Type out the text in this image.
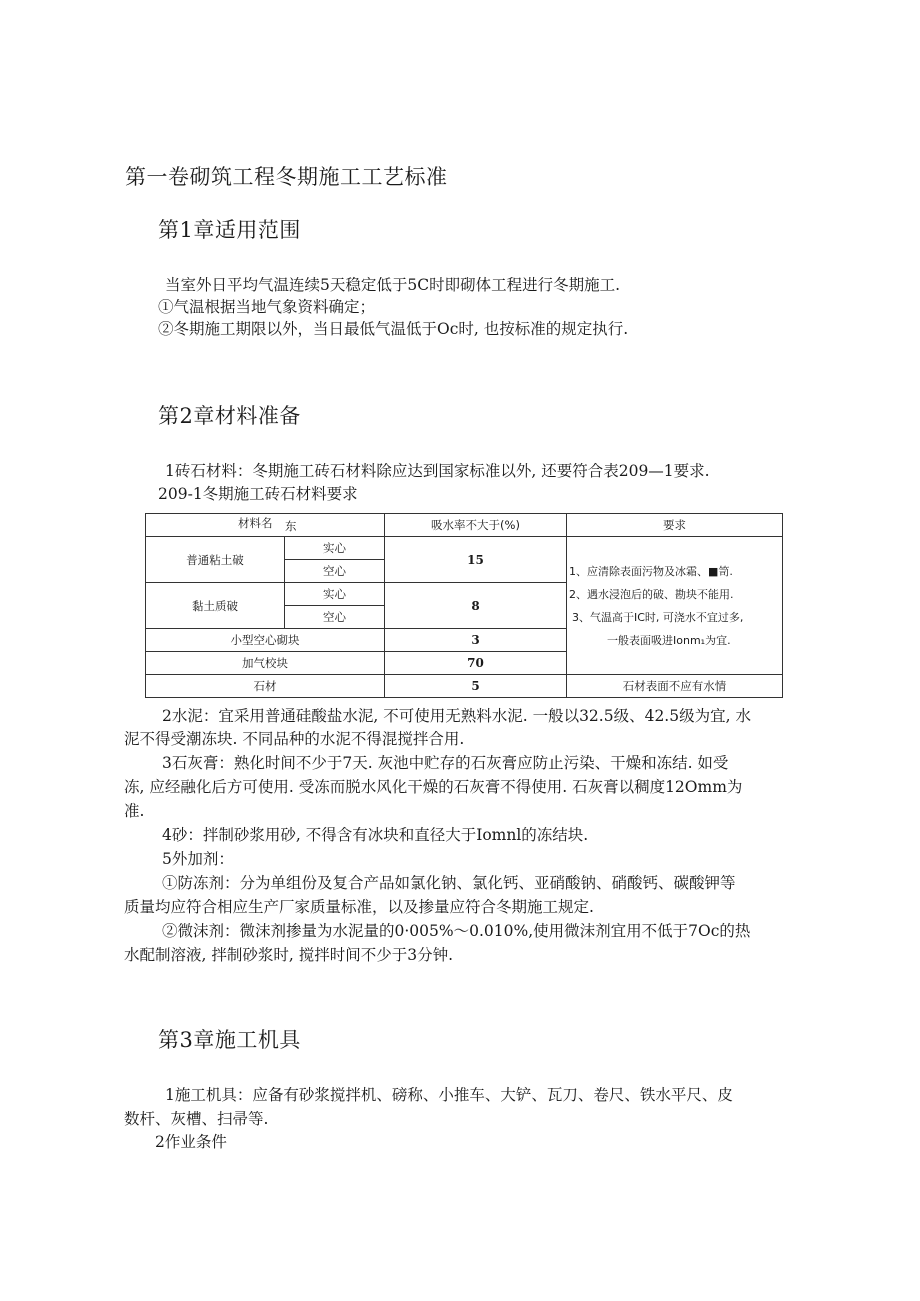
第一卷砌筑工程冬期施工工艺标准
第1章适用范围
当室外日平均气温连续5天稳定低于5C时即砌体工程进行冬期施工.
①气温根据当地气象资料确定；
②冬期施工期限以外，当日最低气温低于Oc时, 也按标准的规定执行.
第2章材料准备
1砖石材料：冬期施工砖石材料除应达到国家标准以外, 还要符合表209—1要求.
209-1冬期施工砖石材料要求
材料名 东		吸水率不大于(%)	要求
普通粘土破	实心	15	1、应清除表面污物及冰霜、■笥.
2、遇水浸泡后的破、勘块不能用.
3、气温高于IC时, 可浇水不宜过多,
一般表面吸进Ionm₁为宜.

	空心		
黏土质破	实心	8	
	空心		
小型空心砌块		3	
加气校块		70	
石材		5	石材表面不应有水情
2水泥：宜采用普通硅酸盐水泥, 不可使用无熟料水泥. 一般以32.5级、42.5级为宜, 水
泥不得受潮冻块. 不同品种的水泥不得混搅拌合用.
3石灰膏：熟化时间不少于7天. 灰池中贮存的石灰膏应防止污染、干燥和冻结. 如受
冻, 应经融化后方可使用. 受冻而脱水风化干燥的石灰膏不得使用. 石灰膏以稠度12Omm为
准.
4砂：拌制砂浆用砂, 不得含有冰块和直径大于Iomnl的冻结块.
5外加剂：
①防冻剂：分为单组份及复合产品如氯化钠、氯化钙、亚硝酸钠、硝酸钙、碳酸钾等
质量均应符合相应生产厂家质量标准，以及掺量应符合冬期施工规定.
②微沫剂：微沫剂掺量为水泥量的0·005%～0.010%,使用微沫剂宜用不低于7Oc的热
水配制溶液, 拌制砂浆时, 搅拌时间不少于3分钟.
第3章施工机具
1施工机具：应备有砂浆搅拌机、磅称、小推车、大铲、瓦刀、卷尺、铁水平尺、皮
数杆、灰槽、扫帚等.
2作业条件
